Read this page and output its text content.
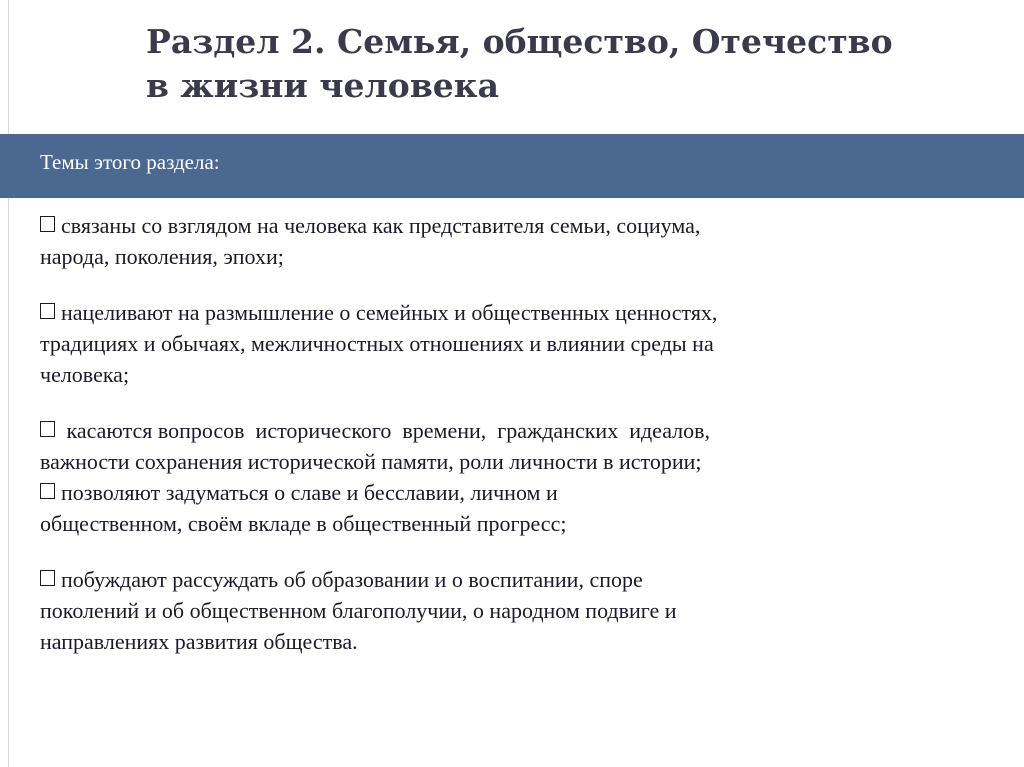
Раздел 2. Семья, общество, Отечество
в жизни человека
Темы этого раздела:

связаны со взглядом на человека как представителя семьи, социума,
народа, поколения, эпохи;

нацеливают на размышление о семейных и общественных ценностях,
традициях и обычаях, межличностных отношениях и влиянии среды на
человека;

касаются вопросов  исторического  времени,  гражданских  идеалов,
важности сохранения исторической памяти, роли личности в истории;

позволяют задуматься о славе и бесславии, личном и
общественном, своём вкладе в общественный прогресс;

побуждают рассуждать об образовании и о воспитании, споре
поколений и об общественном благополучии, о народном подвиге и
направлениях развития общества.
